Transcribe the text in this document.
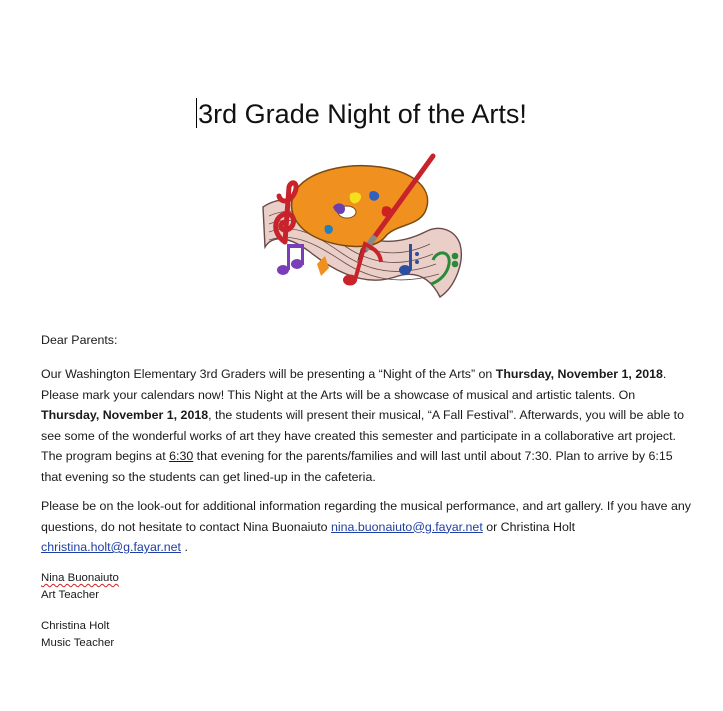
3rd Grade Night of the Arts!
Dear Parents:
Our Washington Elementary 3rd Graders will be presenting a “Night of the Arts” on Thursday, November 1, 2018. Please mark your calendars now! This Night at the Arts will be a showcase of musical and artistic talents. On Thursday, November 1, 2018, the students will present their musical, “A Fall Festival”. Afterwards, you will be able to see some of the wonderful works of art they have created this semester and participate in a collaborative art project. The program begins at 6:30 that evening for the parents/families and will last until about 7:30. Plan to arrive by 6:15 that evening so the students can get lined-up in the cafeteria.
Please be on the look-out for additional information regarding the musical performance, and art gallery. If you have any questions, do not hesitate to contact Nina Buonaiuto nina.buonaiuto@g.fayar.net or Christina Holt christina.holt@g.fayar.net .
Nina Buonaiuto
Art Teacher
Christina Holt
Music Teacher
